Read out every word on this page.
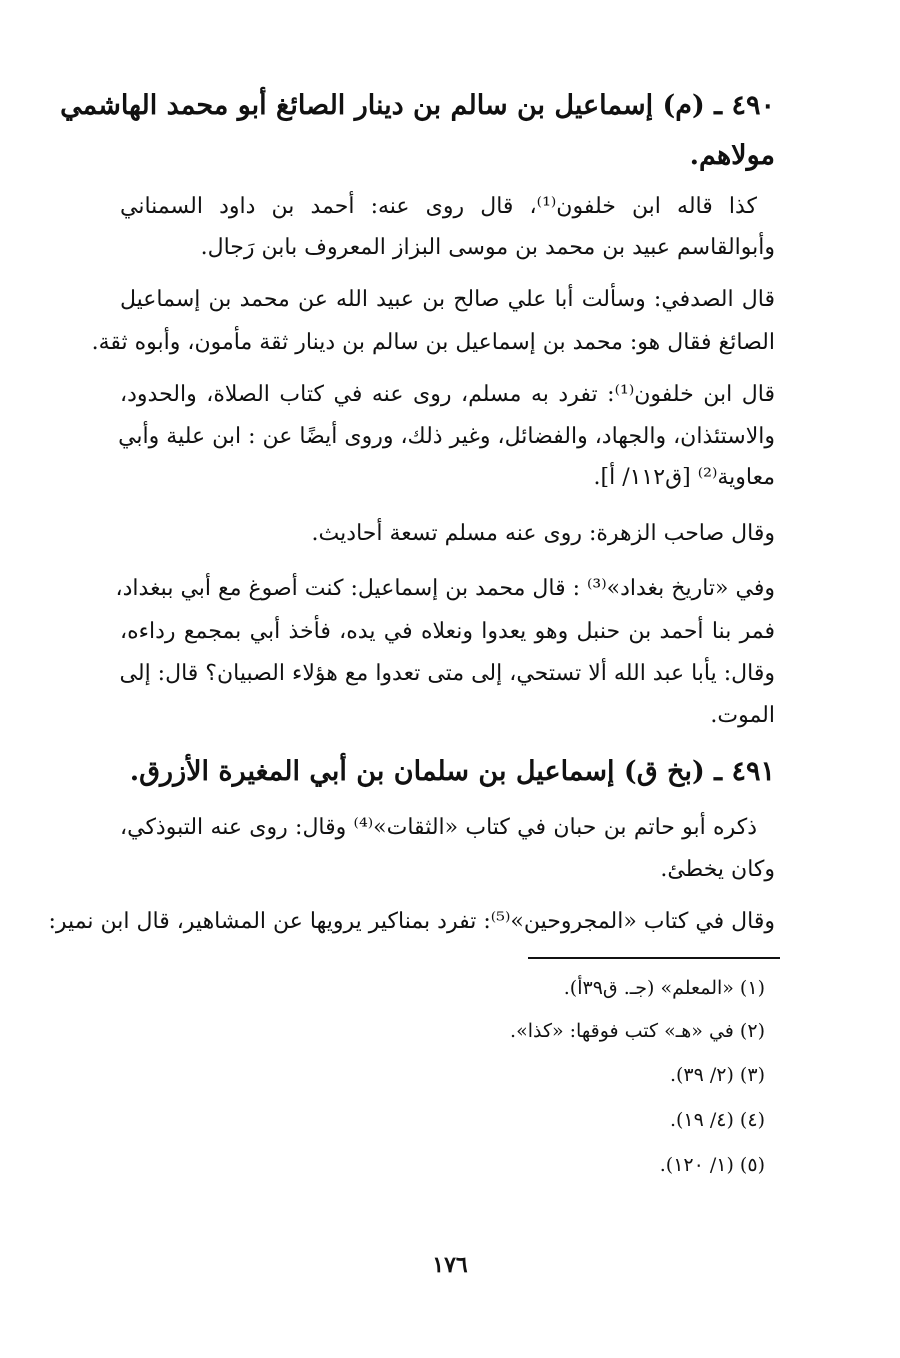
٤٩٠ ـ (م) إسماعيل بن سالم بن دينار الصائغ أبو محمد الهاشمي
مولاهم.
كذا قاله ابن خلفون⁽¹⁾، قال روى عنه: أحمد بن داود السمناني
وأبوالقاسم عبيد بن محمد بن موسى البزاز المعروف بابن رَجال.
قال الصدفي: وسألت أبا علي صالح بن عبيد الله عن محمد بن إسماعيل
الصائغ فقال هو: محمد بن إسماعيل بن سالم بن دينار ثقة مأمون، وأبوه ثقة.
قال ابن خلفون⁽¹⁾: تفرد به مسلم، روى عنه في كتاب الصلاة، والحدود،
والاستئذان، والجهاد، والفضائل، وغير ذلك، وروى أيضًا عن : ابن علية وأبي
معاوية⁽²⁾ [ق١١٢/ أ].
وقال صاحب الزهرة: روى عنه مسلم تسعة أحاديث.
وفي «تاريخ بغداد»⁽³⁾ : قال محمد بن إسماعيل: كنت أصوغ مع أبي ببغداد،
فمر بنا أحمد بن حنبل وهو يعدوا ونعلاه في يده، فأخذ أبي بمجمع رداءه،
وقال: يأبا عبد الله ألا تستحي، إلى متى تعدوا مع هؤلاء الصبيان؟ قال: إلى
الموت.
٤٩١ ـ (بخ ق) إسماعيل بن سلمان بن أبي المغيرة الأزرق.
ذكره أبو حاتم بن حبان في كتاب «الثقات»⁽⁴⁾ وقال: روى عنه التبوذكي،
وكان يخطئ.
وقال في كتاب «المجروحين»⁽⁵⁾: تفرد بمناكير يرويها عن المشاهير، قال ابن نمير:
(١) «المعلم» (جـ. ق٣٩أ).
(٢) في «هـ» كتب فوقها: «كذا».
(٣) (٢/ ٣٩).
(٤) (٤/ ١٩).
(٥) (١/ ١٢٠).
١٧٦
